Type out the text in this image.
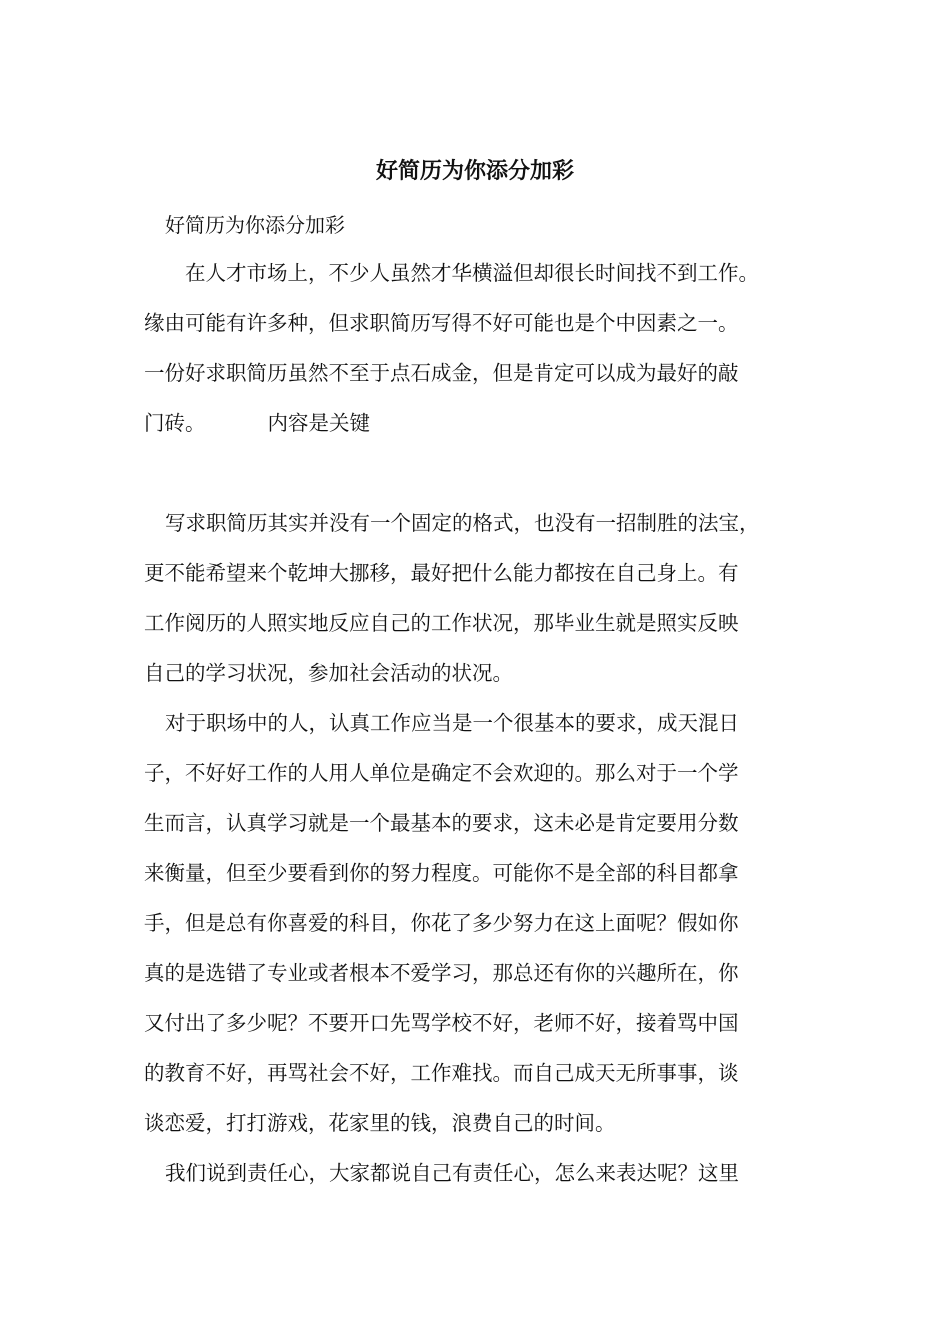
好简历为你添分加彩
好简历为你添分加彩
在人才市场上，不少人虽然才华横溢但却很长时间找不到工作。
缘由可能有许多种，但求职简历写得不好可能也是个中因素之一。
一份好求职简历虽然不至于点石成金，但是肯定可以成为最好的敲
门砖。	内容是关键
写求职简历其实并没有一个固定的格式，也没有一招制胜的法宝，
更不能希望来个乾坤大挪移，最好把什么能力都按在自己身上。有
工作阅历的人照实地反应自己的工作状况，那毕业生就是照实反映
自己的学习状况，参加社会活动的状况。
对于职场中的人，认真工作应当是一个很基本的要求，成天混日
子，不好好工作的人用人单位是确定不会欢迎的。那么对于一个学
生而言，认真学习就是一个最基本的要求，这未必是肯定要用分数
来衡量，但至少要看到你的努力程度。可能你不是全部的科目都拿
手，但是总有你喜爱的科目，你花了多少努力在这上面呢？假如你
真的是选错了专业或者根本不爱学习，那总还有你的兴趣所在，你
又付出了多少呢？不要开口先骂学校不好，老师不好，接着骂中国
的教育不好，再骂社会不好，工作难找。而自己成天无所事事，谈
谈恋爱，打打游戏，花家里的钱，浪费自己的时间。
我们说到责任心，大家都说自己有责任心，怎么来表达呢？这里
